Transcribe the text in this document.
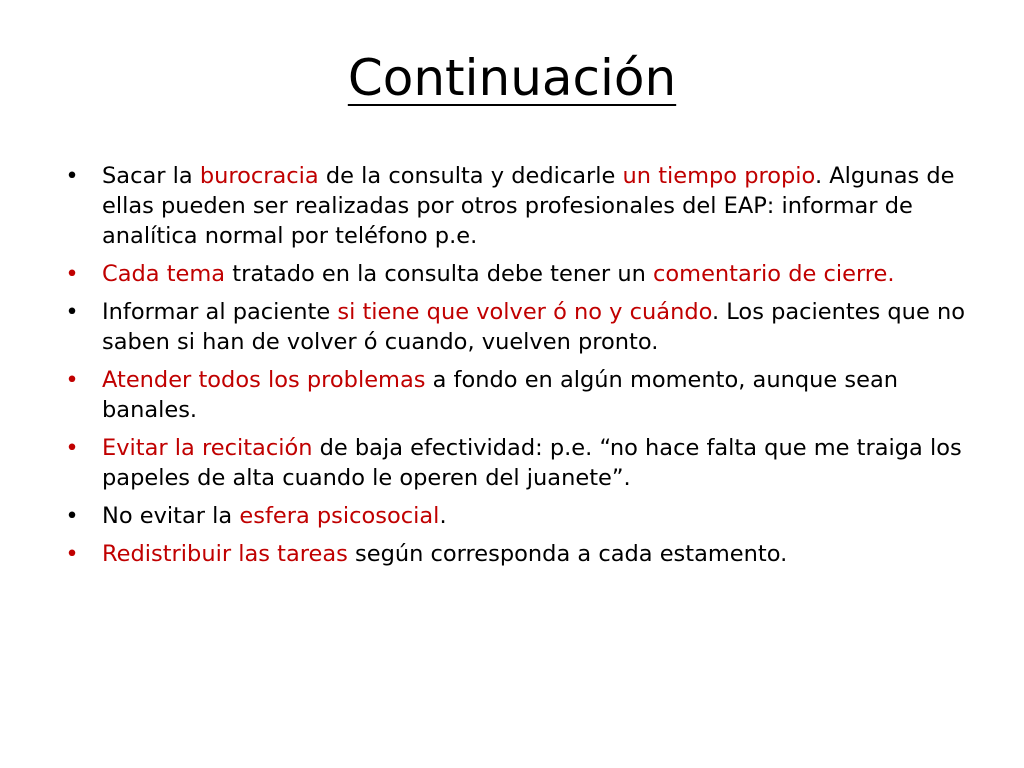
Continuación
• Sacar la burocracia de la consulta y dedicarle un tiempo propio. Algunas de ellas pueden ser realizadas por otros profesionales del EAP: informar de analítica normal por teléfono p.e.
• Cada tema tratado en la consulta debe tener un comentario de cierre.
• Informar al paciente si tiene que volver ó no y cuándo. Los pacientes que no saben si han de volver ó cuando, vuelven pronto.
• Atender todos los problemas a fondo en algún momento, aunque sean banales.
• Evitar la recitación de baja efectividad: p.e. “no hace falta que me traiga los papeles de alta cuando le operen del juanete”.
• No evitar la esfera psicosocial.
• Redistribuir las tareas según corresponda a cada estamento.
